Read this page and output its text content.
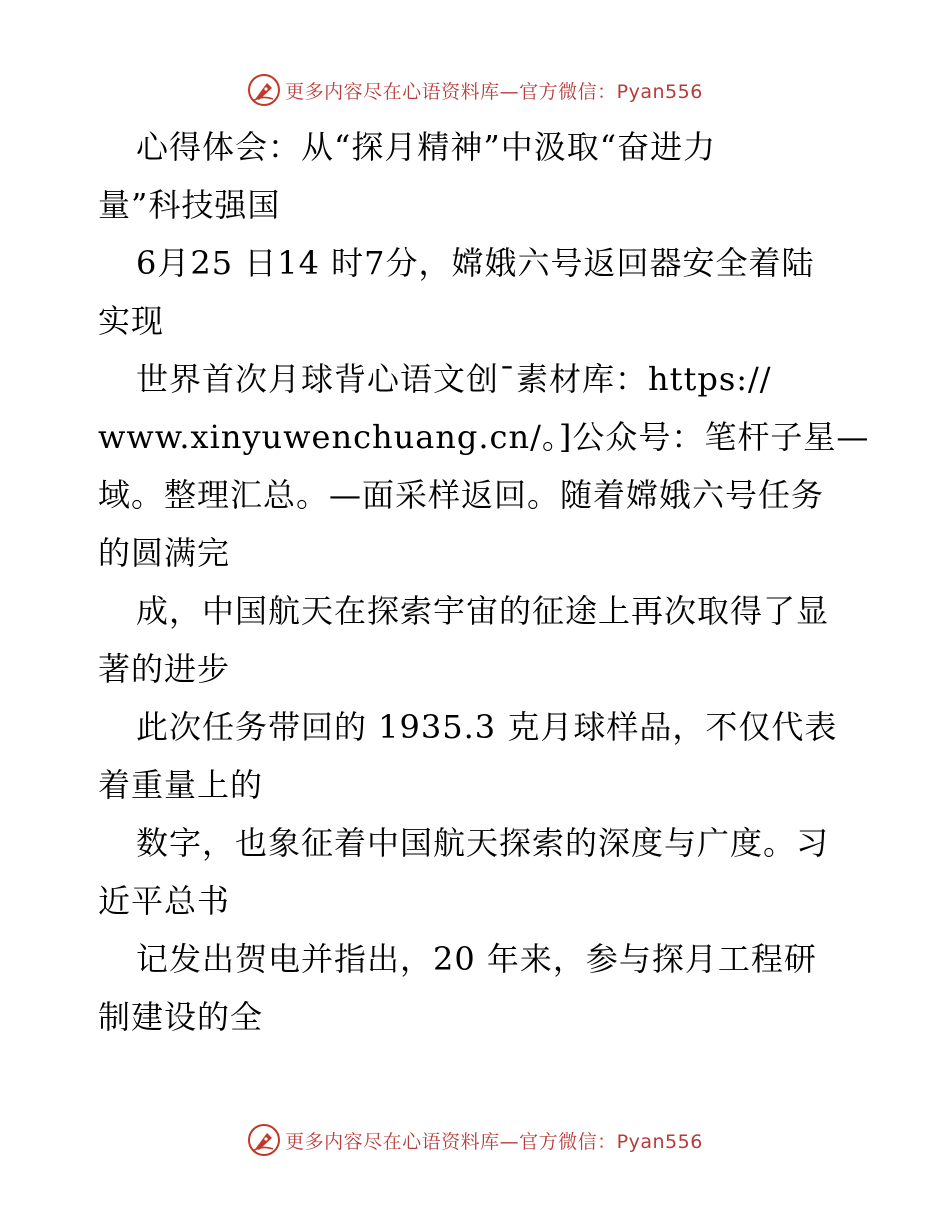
更多内容尽在心语资料库—官方微信：Pyan556
心得体会：从“探月精神”中汲取“奋进力
量”科技强国
6月25 日14 时7分，嫦娥六号返回器安全着陆
实现
世界首次月球背心语文创¯素材库：https://
www.xinyuwenchuang.cn/。]公众号：笔杆子星—
域。整理汇总。—面采样返回。随着嫦娥六号任务
的圆满完
成，中国航天在探索宇宙的征途上再次取得了显
著的进步
此次任务带回的 1935.3 克月球样品，不仅代表
着重量上的
数字，也象征着中国航天探索的深度与广度。习
近平总书
记发出贺电并指出，20 年来，参与探月工程研
制建设的全
更多内容尽在心语资料库—官方微信：Pyan556
